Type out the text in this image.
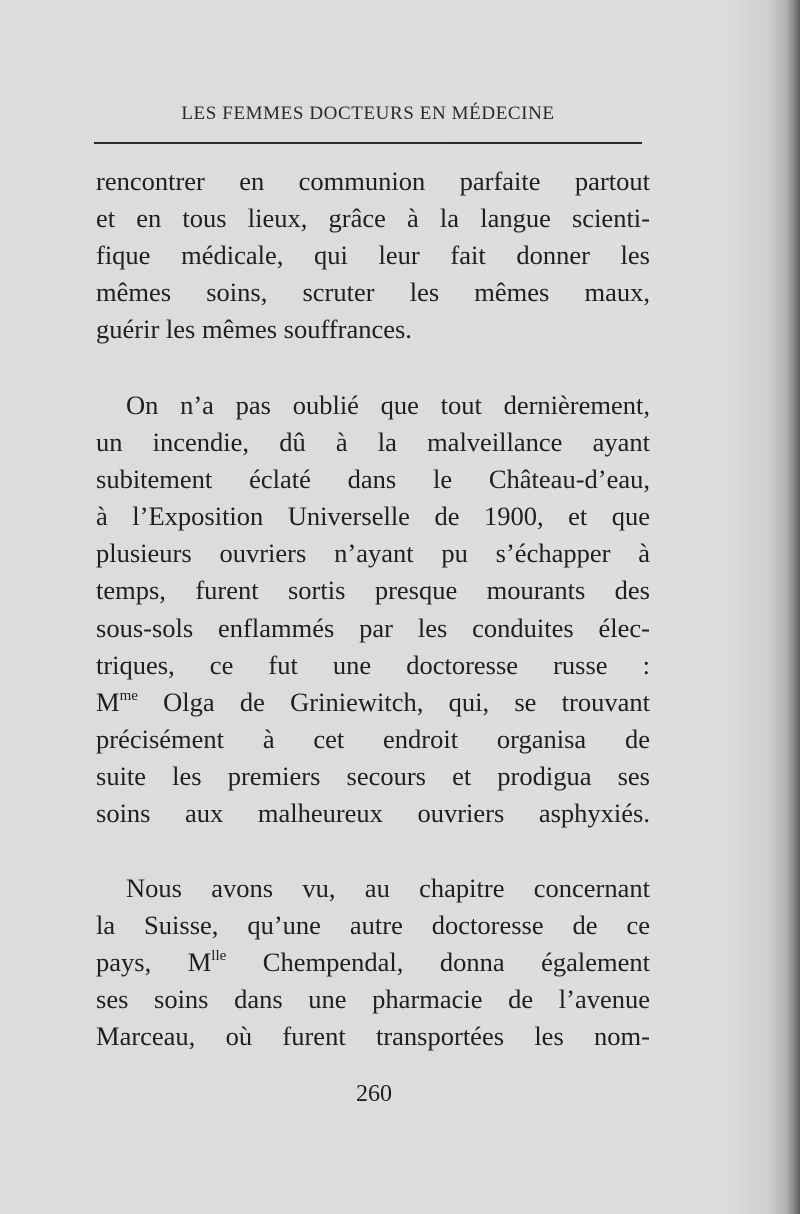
LES FEMMES DOCTEURS EN MÉDECINE
rencontrer en communion parfaite partout
et en tous lieux, grâce à la langue scienti-
fique médicale, qui leur fait donner les
mêmes soins, scruter les mêmes maux,
guérir les mêmes souffrances.
On n’a pas oublié que tout dernièrement,
un incendie, dû à la malveillance ayant
subitement éclaté dans le Château-d’eau,
à l’Exposition Universelle de 1900, et que
plusieurs ouvriers n’ayant pu s’échapper à
temps, furent sortis presque mourants des
sous-sols enflammés par les conduites élec-
triques, ce fut une doctoresse russe :
$M^{me}$ Olga de Griniewitch, qui, se trouvant
précisément à cet endroit organisa de
suite les premiers secours et prodigua ses
soins aux malheureux ouvriers asphyxiés.
Nous avons vu, au chapitre concernant
la Suisse, qu’une autre doctoresse de ce
pays, $M^{lle}$ Chempendal, donna également
ses soins dans une pharmacie de l’avenue
Marceau, où furent transportées les nom-
260
